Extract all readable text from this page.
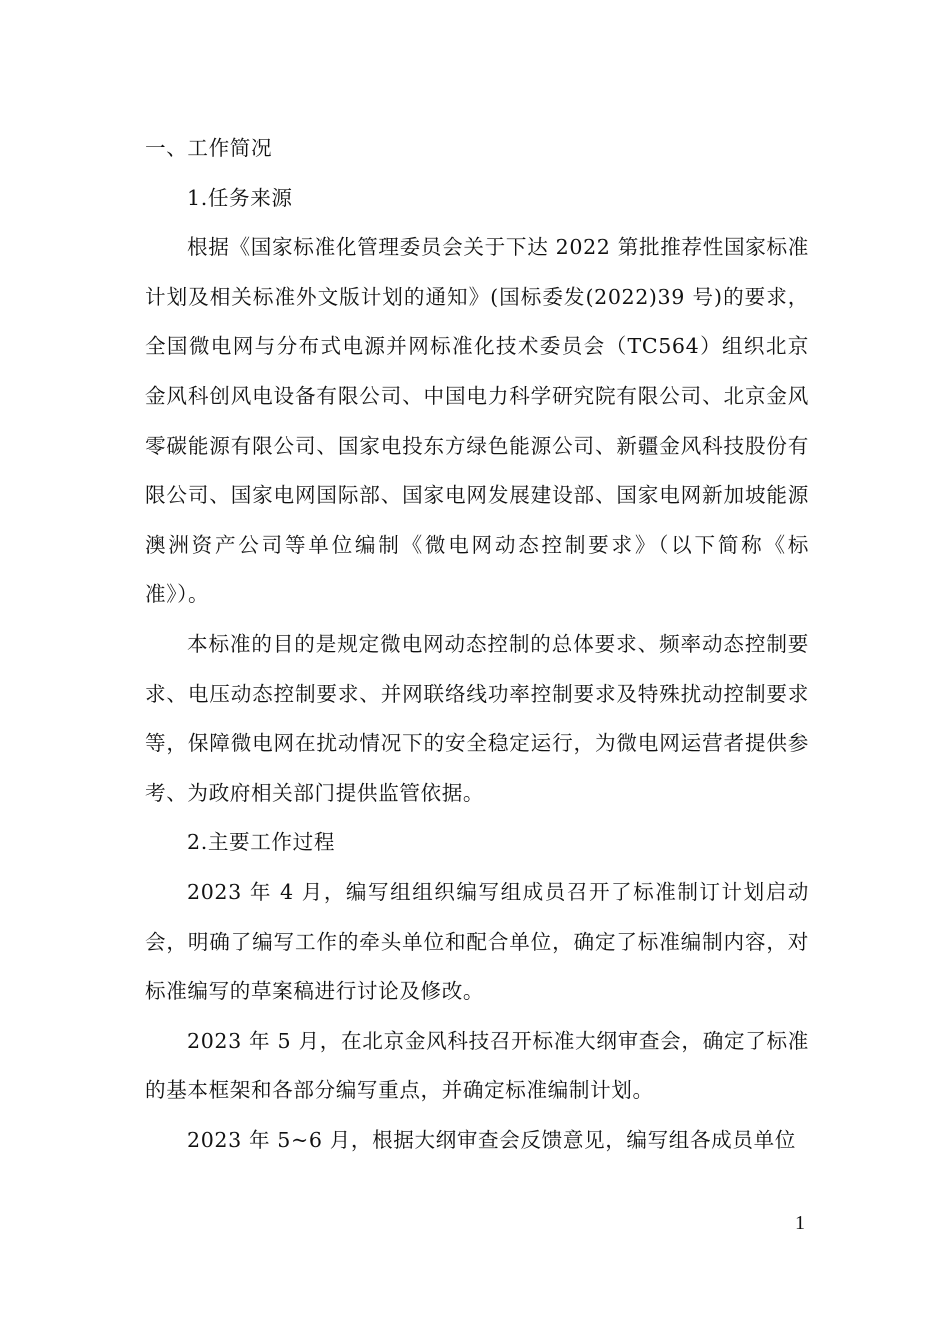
一、工作简况

1.任务来源

根据《国家标准化管理委员会关于下达 2022 第批推荐性国家标准计划及相关标准外文版计划的通知》(国标委发(2022)39 号)的要求，全国微电网与分布式电源并网标准化技术委员会（TC564）组织北京金风科创风电设备有限公司、中国电力科学研究院有限公司、北京金风零碳能源有限公司、国家电投东方绿色能源公司、新疆金风科技股份有限公司、国家电网国际部、国家电网发展建设部、国家电网新加坡能源澳洲资产公司等单位编制《微电网动态控制要求》（以下简称《标准》）。

本标准的目的是规定微电网动态控制的总体要求、频率动态控制要求、电压动态控制要求、并网联络线功率控制要求及特殊扰动控制要求等，保障微电网在扰动情况下的安全稳定运行，为微电网运营者提供参考、为政府相关部门提供监管依据。

2.主要工作过程

2023 年 4 月，编写组组织编写组成员召开了标准制订计划启动会，明确了编写工作的牵头单位和配合单位，确定了标准编制内容，对标准编写的草案稿进行讨论及修改。

2023 年 5 月，在北京金风科技召开标准大纲审查会，确定了标准的基本框架和各部分编写重点，并确定标准编制计划。

2023 年 5~6 月，根据大纲审查会反馈意见，编写组各成员单位

1
